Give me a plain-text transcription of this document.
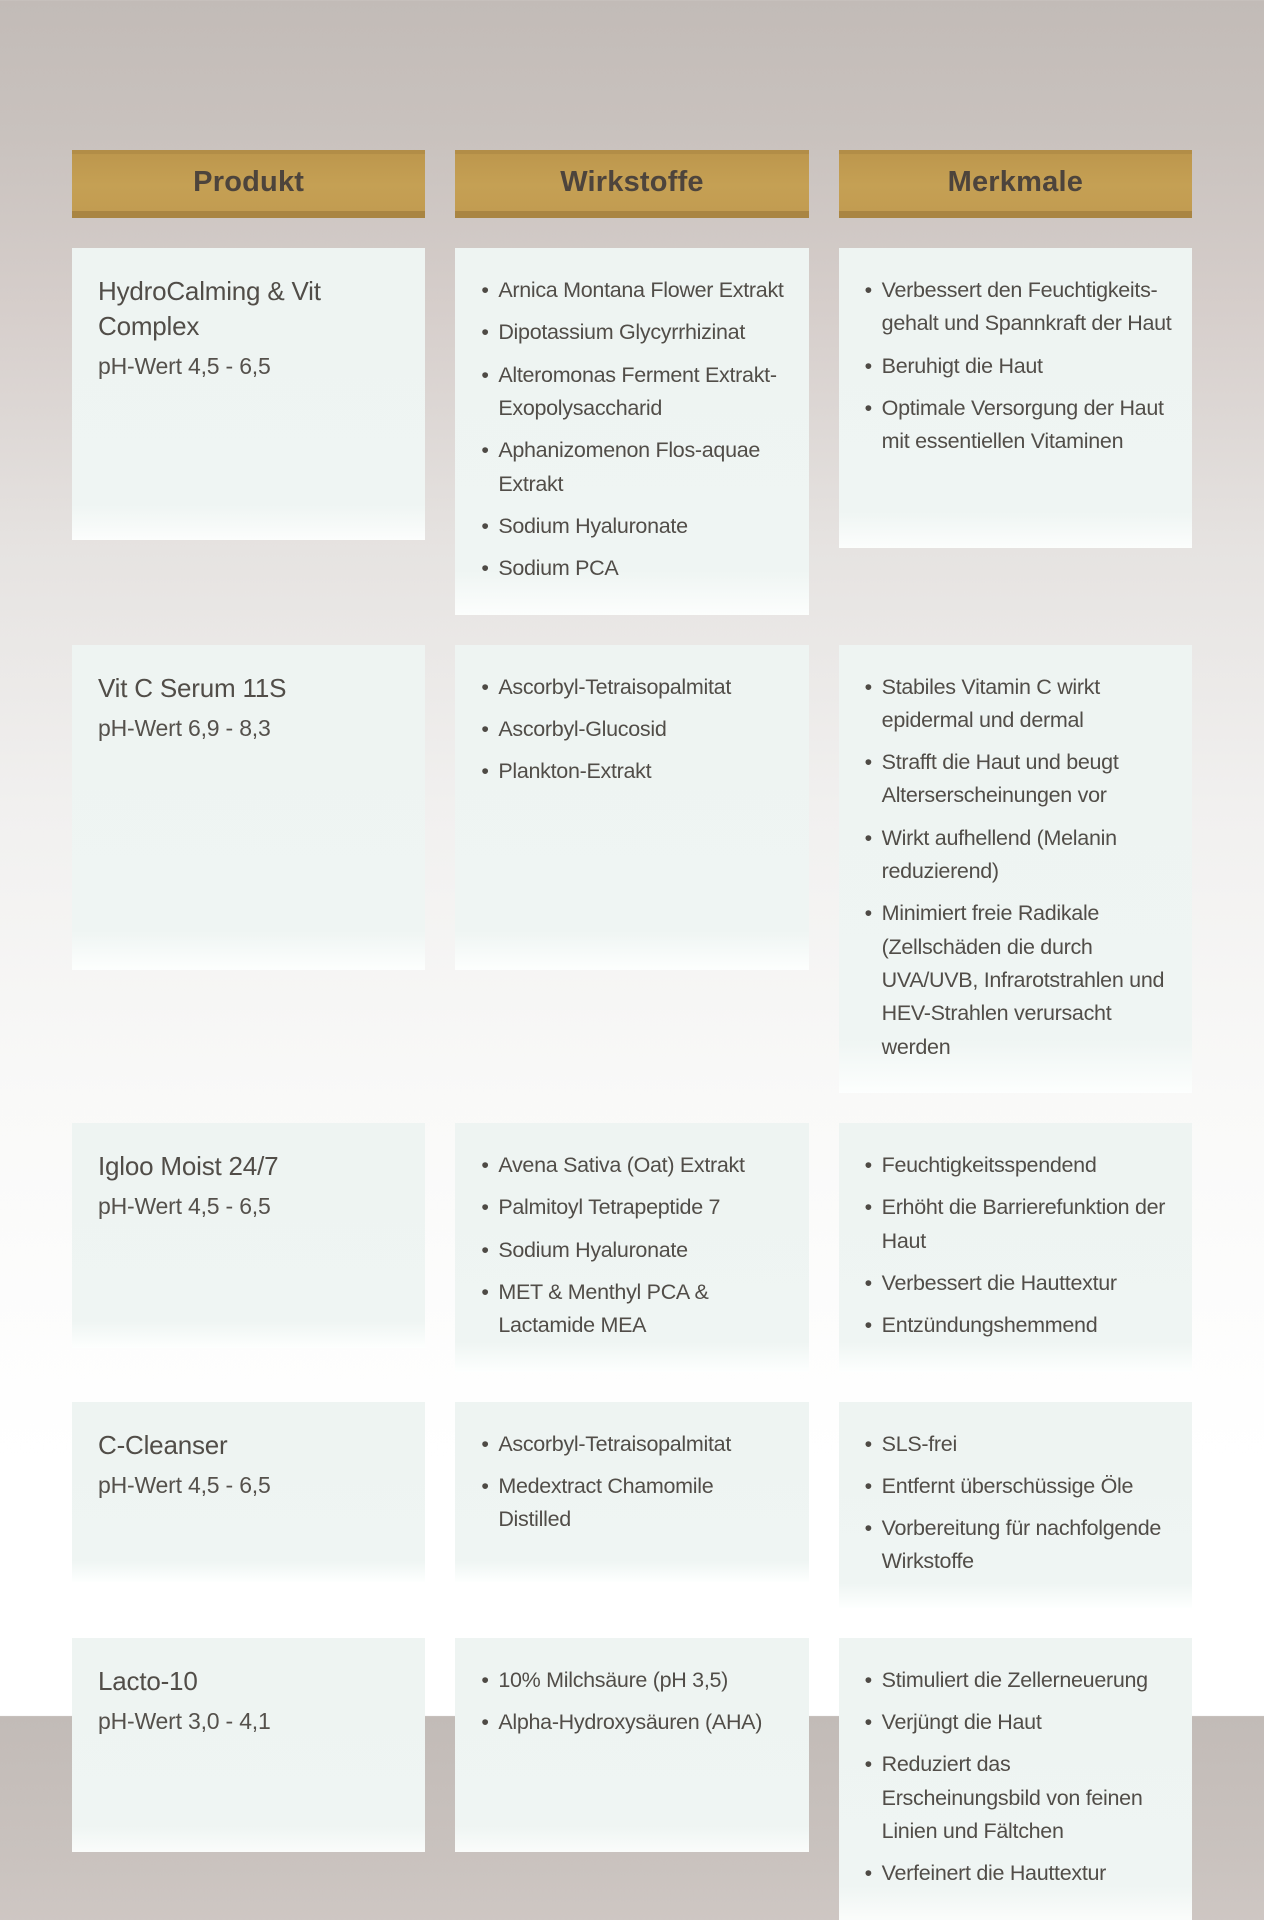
Produkt	Wirkstoffe	Merkmale
HydroCalming & Vit Complex
pH-Wert 4,5 - 6,5
• Arnica Montana Flower Extrakt
• Dipotassium Glycyrrhizinat
• Alteromonas Ferment Extrakt-Exopolysaccharid
• Aphanizomenon Flos-aquae Extrakt
• Sodium Hyaluronate
• Sodium PCA
• Verbessert den Feuchtigkeits-gehalt und Spannkraft der Haut
• Beruhigt die Haut
• Optimale Versorgung der Haut mit essentiellen Vitaminen
Vit C Serum 11S
pH-Wert 6,9 - 8,3
• Ascorbyl-Tetraisopalmitat
• Ascorbyl-Glucosid
• Plankton-Extrakt
• Stabiles Vitamin C wirkt epidermal und dermal
• Strafft die Haut und beugt Alterserscheinungen vor
• Wirkt aufhellend (Melanin reduzierend)
• Minimiert freie Radikale (Zellschäden die durch UVA/UVB, Infrarotstrahlen und HEV-Strahlen verursacht werden
Igloo Moist 24/7
pH-Wert 4,5 - 6,5
• Avena Sativa (Oat) Extrakt
• Palmitoyl Tetrapeptide 7
• Sodium Hyaluronate
• MET & Menthyl PCA & Lactamide MEA
• Feuchtigkeitsspendend
• Erhöht die Barrierefunktion der Haut
• Verbessert die Hauttextur
• Entzündungshemmend
C-Cleanser
pH-Wert 4,5 - 6,5
• Ascorbyl-Tetraisopalmitat
• Medextract Chamomile Distilled
• SLS-frei
• Entfernt überschüssige Öle
• Vorbereitung für nachfolgende Wirkstoffe
Lacto-10
pH-Wert 3,0 - 4,1
• 10% Milchsäure (pH 3,5)
• Alpha-Hydroxysäuren (AHA)
• Stimuliert die Zellerneuerung
• Verjüngt die Haut
• Reduziert das Erscheinungsbild von feinen Linien und Fältchen
• Verfeinert die Hauttextur
